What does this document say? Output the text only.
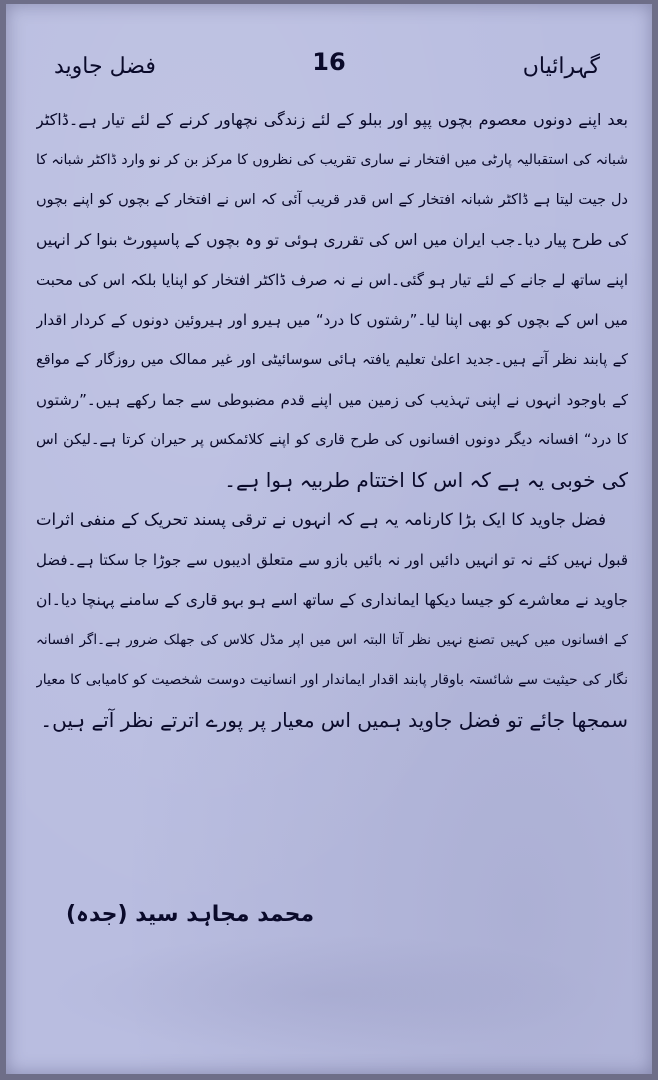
گہرائیاں
16
فضل جاوید
بعد اپنے دونوں معصوم بچوں پپو اور ببلو کے لئے زندگی نچھاور کرنے کے لئے تیار ہے۔ڈاکٹر
شبانہ کی استقبالیہ پارٹی میں افتخار نے ساری تقریب کی نظروں کا مرکز بن کر نو وارد ڈاکٹر شبانہ کا
دل جیت لیتا ہے ڈاکٹر شبانہ افتخار کے اس قدر قریب آئی کہ اس نے افتخار کے بچوں کو اپنے بچوں
کی طرح پیار دیا۔جب ایران میں اس کی تقرری ہوئی تو وہ بچوں کے پاسپورٹ بنوا کر انہیں
اپنے ساتھ لے جانے کے لئے تیار ہو گئی۔اس نے نہ صرف ڈاکٹر افتخار کو اپنایا بلکہ اس کی محبت
میں اس کے بچوں کو بھی اپنا لیا۔”رشتوں کا درد“ میں ہیرو اور ہیروئین دونوں کے کردار اقدار
کے پابند نظر آتے ہیں۔جدید اعلیٰ تعلیم یافتہ ہائی سوسائیٹی اور غیر ممالک میں روزگار کے مواقع
کے باوجود انہوں نے اپنی تہذیب کی زمین میں اپنے قدم مضبوطی سے جما رکھے ہیں۔”رشتوں
کا درد“ افسانہ دیگر دونوں افسانوں کی طرح قاری کو اپنے کلائمکس پر حیران کرتا ہے۔لیکن اس
کی خوبی یہ ہے کہ اس کا اختتام طربیہ ہوا ہے۔
فضل جاوید کا ایک بڑا کارنامہ یہ ہے کہ انہوں نے ترقی پسند تحریک کے منفی اثرات
قبول نہیں کئے نہ تو انہیں دائیں اور نہ بائیں بازو سے متعلق ادیبوں سے جوڑا جا سکتا ہے۔فضل
جاوید نے معاشرے کو جیسا دیکھا ایمانداری کے ساتھ اسے ہو بہو قاری کے سامنے پہنچا دیا۔ان
کے افسانوں میں کہیں تصنع نہیں نظر آتا البتہ اس میں اپر مڈل کلاس کی جھلک ضرور ہے۔اگر افسانہ
نگار کی حیثیت سے شائستہ باوقار پابند اقدار ایماندار اور انسانیت دوست شخصیت کو کامیابی کا معیار
سمجھا جائے تو فضل جاوید ہمیں اس معیار پر پورے اترتے نظر آتے ہیں۔
محمد مجاہد سید (جدہ)
